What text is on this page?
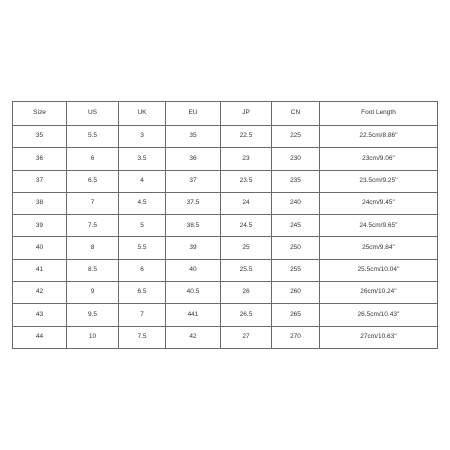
Size	US	UK	EU	JP	CN	Foot Length
35	5.5	3	35	22.5	225	22.5cm/8.86''
36	6	3.5	36	23	230	23cm/9.06''
37	6.5	4	37	23.5	235	23.5cm/9.25''
38	7	4.5	37.5	24	240	24cm/9.45''
39	7.5	5	38.5	24.5	245	24.5cm/9.65''
40	8	5.5	39	25	250	25cm/9.84''
41	8.5	6	40	25.5	255	25.5cm/10.04''
42	9	6.5	40.5	26	260	26cm/10.24''
43	9.5	7	441	26.5	265	26.5cm/10.43''
44	10	7.5	42	27	270	27cm/10.63''
